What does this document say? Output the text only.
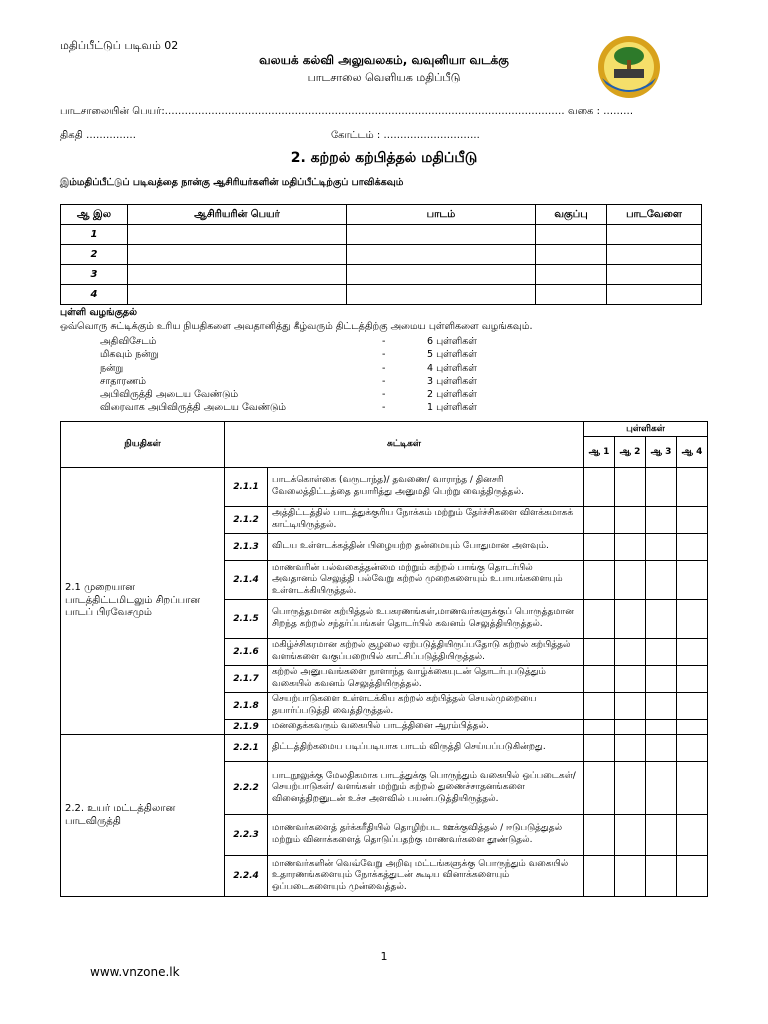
மதிப்பீட்டுப் படிவம் 02
வலயக் கல்வி அலுவலகம், வவுனியா வடக்கு
பாடசாலை வெளியக மதிப்பீடு
பாடசாலையின் பெயர்:………………………………………………………………………………………………………… வகை : ………
திகதி ……………	கோட்டம் : ………………………..
2. கற்றல் கற்பித்தல் மதிப்பீடு
இம்மதிப்பீட்டுப் படிவத்தை நான்கு ஆசிரியர்களின் மதிப்பீட்டிற்குப் பாவிக்கவும்
ஆ இல	ஆசிரியரின் பெயர்	பாடம்	வகுப்பு	பாடவேளை
1				
2				
3				
4				
புள்ளி வழங்குதல்
ஒவ்வொரு சுட்டிக்கும் உரிய நியதிகளை அவதானித்து கீழ்வரும் திட்டத்திற்கு அமைய புள்ளிகளை வழங்கவும்.
அதிவிசேடம்	-	6 புள்ளிகள்
மிகவும் நன்று	-	5 புள்ளிகள்
நன்று	-	4 புள்ளிகள்
சாதாரணம்	-	3 புள்ளிகள்
அபிவிருத்தி அடைய வேண்டும்	-	2 புள்ளிகள்
விரைவாக அபிவிருத்தி அடைய வேண்டும்	-	1 புள்ளிகள்
நியதிகள்	சுட்டிகள்		புள்ளிகள்			
			ஆ 1	ஆ 2	ஆ 3	ஆ 4
2.1 முறையான பாடத்திட்டமிடலும் சிறப்பான பாடப் பிரவேசமும்	2.1.1	பாடக்கொள்கை (வருடாந்த)/ தவணை/ வாராந்த / தினசரி வேலைத்திட்டத்தை தயாரித்து அனுமதி பெற்று வைத்திருத்தல்.				
	2.1.2	அத்திட்டத்தில் பாடத்துக்குரிய நோக்கம் மற்றும் தேர்ச்சிகளை விளக்கமாகக் காட்டியிருத்தல்.				
	2.1.3	விடய உள்ளடக்கத்தின் பிழையற்ற தன்மையும் போதுமான அளவும்.				
	2.1.4	மாணவரின் பல்வகைத்தன்மை மற்றும் கற்றல் பாங்கு தொடர்பில் அவதானம் செலுத்தி பல்வேறு கற்றல் முறைகளையும் உபாயங்களையும் உள்ளடக்கியிருத்தல்.				
	2.1.5	பொருத்தமான கற்பித்தல் உபகரணங்கள்,மாணவர்களுக்குப் பொருத்தமான சிறந்த கற்றல் சந்தர்ப்பங்கள் தொடர்பில் கவனம் செலுத்தியிருத்தல்.				
	2.1.6	மகிழ்ச்சிகரமான கற்றல் சூழலை ஏற்படுத்தியிருப்பதோடு கற்றல் கற்பித்தல் வளங்களை வகுப்பறையில் காட்சிப்படுத்தியிருத்தல்.				
	2.1.7	கற்றல் அனுபவங்களை நாளாந்த வாழ்க்கையுடன் தொடர்புபடுத்தும் வகையில் கவனம் செலுத்தியிருத்தல்.				
	2.1.8	செயற்பாடுகளை உள்ளடக்கிய கற்றல் கற்பித்தல் செயல்முறையை தயார்ப்படுத்தி வைத்திருத்தல்.				
	2.1.9	மனதைக்கவரும் வகையில் பாடத்தினை ஆரம்பித்தல்.				
2.2. உயர் மட்டத்திலான பாடவிருத்தி	2.2.1	திட்டத்திற்கமைய படிப்படியாக பாடம் விருத்தி செய்யப்படுகின்றது.				
	2.2.2	பாடநூலுக்கு மேலதிகமாக பாடத்துக்கு பொருந்தும் வகையில் ஒப்படைகள்/ செயற்பாடுகள்/ வளங்கள் மற்றும் கற்றல் துணைச்சாதனங்களை வினைத்திறனுடன் உச்ச அளவில் பயன்படுத்தியிருத்தல்.				
	2.2.3	மாணவர்களைத் தர்க்கரீதியில் தொழிற்பட ஊக்குவித்தல் / ஈடுபடுத்துதல் மற்றும் வினாக்களைத் தொடுப்பதற்கு மாணவர்களை தூண்டுதல்.				
	2.2.4	மாணவர்களின் வெவ்வேறு அறிவு மட்டங்களுக்கு பொருந்தும் வகையில் உதாரணங்களையும் நோக்கத்துடன் கூடிய வினாக்களையும் ஒப்படைகளையும் முன்வைத்தல்.				
1
www.vnzone.lk
